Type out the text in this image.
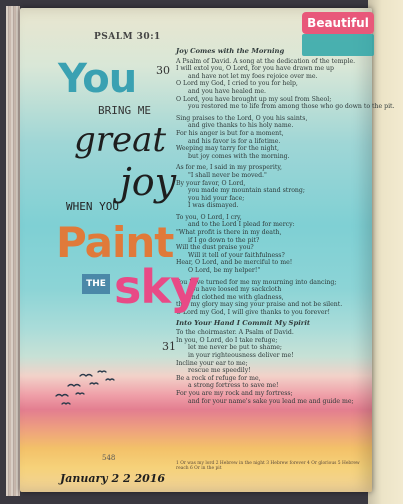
Beautiful
PSALM 30:1
Joy Comes with the Morning
A Psalm of David. A song at the dedication of the temple.
I will extol you, O Lord, for you have drawn me up
and have not let my foes rejoice over me.
O Lord my God, I cried to you for help,
and you have healed me.
O Lord, you have brought up my soul from Sheol;
you restored me to life from among those who go down to the pit.
Sing praises to the Lord, O you his saints,
and give thanks to his holy name.
For his anger is but for a moment,
and his favor is for a lifetime.
Weeping may tarry for the night,
but joy comes with the morning.
As for me, I said in my prosperity,
"I shall never be moved."
By your favor, O Lord,
you made my mountain stand strong;
you hid your face;
I was dismayed.
To you, O Lord, I cry,
and to the Lord I plead for mercy:
"What profit is there in my death,
if I go down to the pit?
Will the dust praise you?
Will it tell of your faithfulness?
Hear, O Lord, and be merciful to me!
O Lord, be my helper!"
You have turned for me my mourning into dancing;
you have loosed my sackcloth
and clothed me with gladness,
that my glory may sing your praise and not be silent.
O Lord my God, I will give thanks to you forever!
Into Your Hand I Commit My Spirit
To the choirmaster. A Psalm of David.
In you, O Lord, do I take refuge;
let me never be put to shame;
in your righteousness deliver me!
Incline your ear to me;
rescue me speedily!
Be a rock of refuge for me,
a strong fortress to save me!
For you are my rock and my fortress;
and for your name's sake you lead me and guide me;
You 30
BRING ME
great
joy
WHEN YOU
Paint
THE sky
31
548
1 Or was my lord 2 Hebrew in the night 3 Hebrew forever 4 Or glorious 5 Hebrew reach 6 Or in the pit
January 2 2 2016
